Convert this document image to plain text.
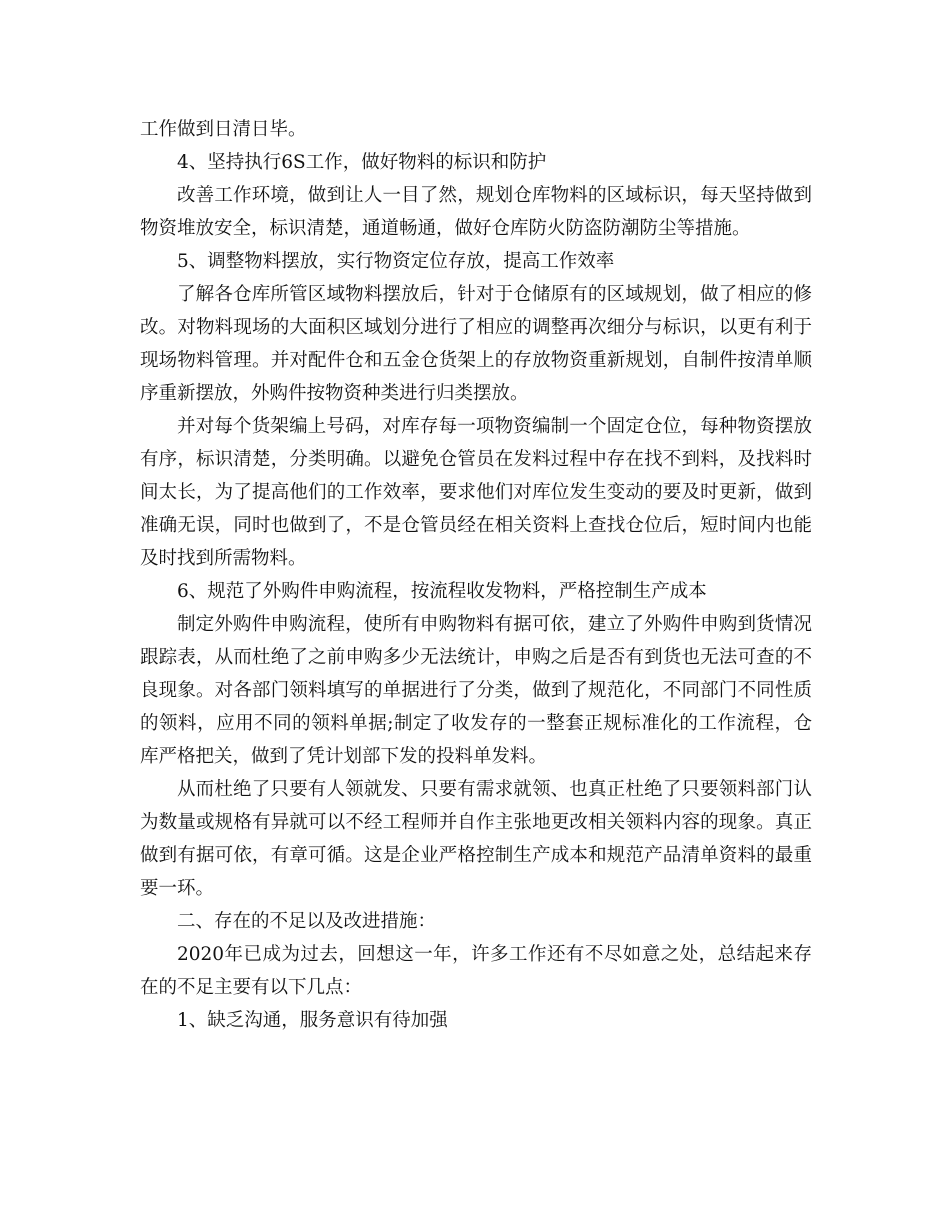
工作做到日清日毕。

4、坚持执行6S工作，做好物料的标识和防护

改善工作环境，做到让人一目了然，规划仓库物料的区域标识，每天坚持做到物资堆放安全，标识清楚，通道畅通，做好仓库防火防盗防潮防尘等措施。

5、调整物料摆放，实行物资定位存放，提高工作效率

了解各仓库所管区域物料摆放后，针对于仓储原有的区域规划，做了相应的修改。对物料现场的大面积区域划分进行了相应的调整再次细分与标识，以更有利于现场物料管理。并对配件仓和五金仓货架上的存放物资重新规划，自制件按清单顺序重新摆放，外购件按物资种类进行归类摆放。

并对每个货架编上号码，对库存每一项物资编制一个固定仓位，每种物资摆放有序，标识清楚，分类明确。以避免仓管员在发料过程中存在找不到料，及找料时间太长，为了提高他们的工作效率，要求他们对库位发生变动的要及时更新，做到准确无误，同时也做到了，不是仓管员经在相关资料上查找仓位后，短时间内也能及时找到所需物料。

6、规范了外购件申购流程，按流程收发物料，严格控制生产成本

制定外购件申购流程，使所有申购物料有据可依，建立了外购件申购到货情况跟踪表，从而杜绝了之前申购多少无法统计，申购之后是否有到货也无法可查的不良现象。对各部门领料填写的单据进行了分类，做到了规范化，不同部门不同性质的领料，应用不同的领料单据;制定了收发存的一整套正规标准化的工作流程，仓库严格把关，做到了凭计划部下发的投料单发料。

从而杜绝了只要有人领就发、只要有需求就领、也真正杜绝了只要领料部门认为数量或规格有异就可以不经工程师并自作主张地更改相关领料内容的现象。真正做到有据可依，有章可循。这是企业严格控制生产成本和规范产品清单资料的最重要一环。

二、存在的不足以及改进措施：

2020年已成为过去，回想这一年，许多工作还有不尽如意之处，总结起来存在的不足主要有以下几点：

1、缺乏沟通，服务意识有待加强
